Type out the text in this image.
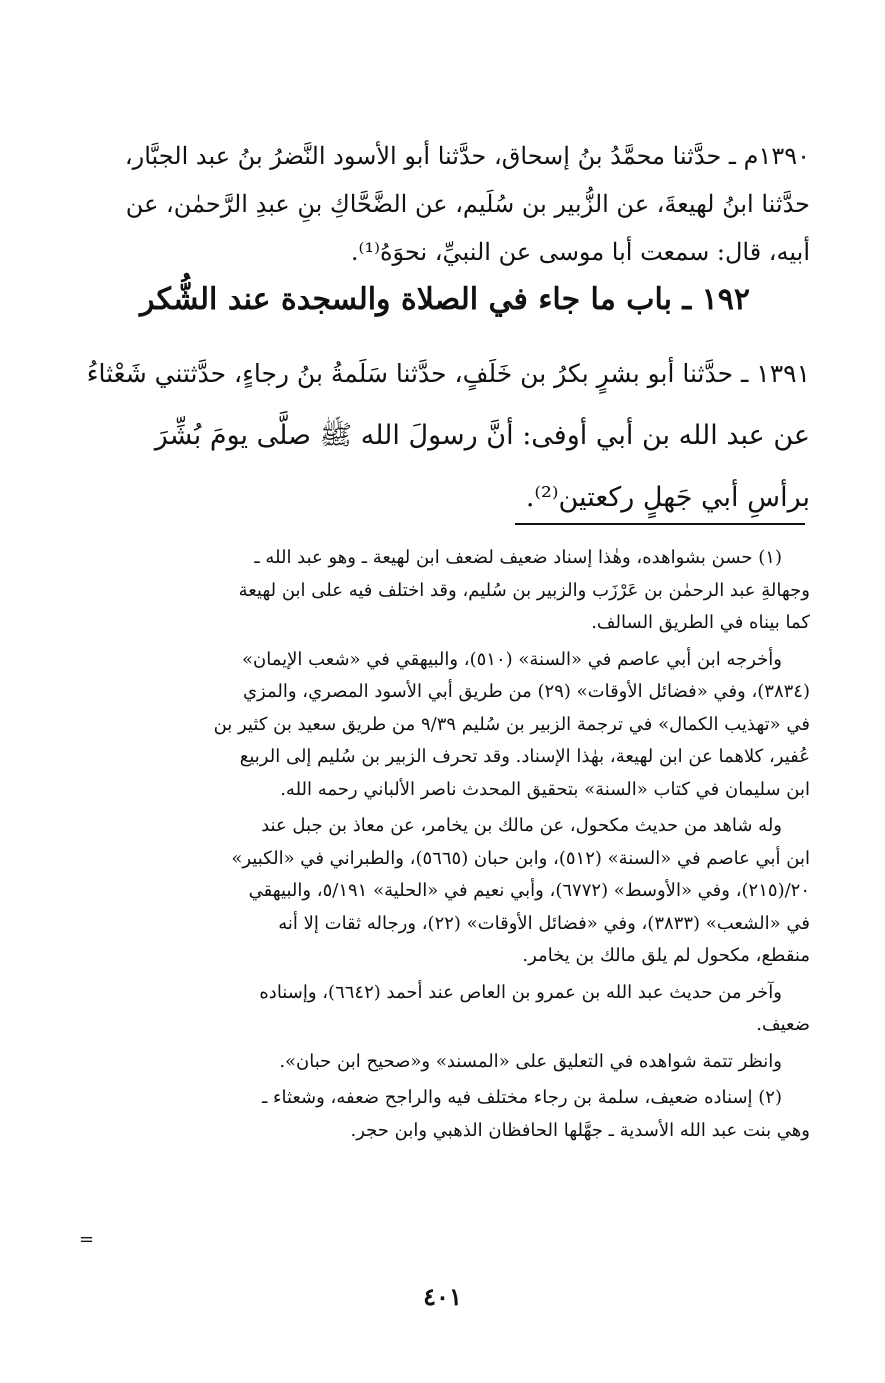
١٣٩٠م ـ حدَّثنا محمَّدُ بنُ إسحاق، حدَّثنا أبو الأسود النَّضرُ بنُ عبد الجبَّار،
حدَّثنا ابنُ لهيعةَ، عن الزُّبير بن سُلَيم، عن الضَّحَّاكِ بنِ عبدِ الرَّحمٰن، عن
أبيه، قال: سمعت أبا موسى عن النبيِّ، نحوَهُ⁽¹⁾.
١٩٢ ـ باب ما جاء في الصلاة والسجدة عند الشُّكر
١٣٩١ ـ حدَّثنا أبو بشرٍ بكرُ بن خَلَفٍ، حدَّثنا سَلَمةُ بنُ رجاءٍ، حدَّثتني شَعْثاءُ
عن عبد الله بن أبي أوفى: أنَّ رسولَ الله ﷺ صلَّى يومَ بُشِّرَ
برأسِ أبي جَهلٍ ركعتين⁽²⁾.
(١) حسن بشواهده، وهٰذا إسناد ضعيف لضعف ابن لهيعة ـ وهو عبد الله ـ
وجهالةِ عبد الرحمٰن بن عَرْزَب والزبير بن سُليم، وقد اختلف فيه على ابن لهيعة
كما بيناه في الطريق السالف.
وأخرجه ابن أبي عاصم في «السنة» (٥١٠)، والبيهقي في «شعب الإيمان»
(٣٨٣٤)، وفي «فضائل الأوقات» (٢٩) من طريق أبي الأسود المصري، والمزي
في «تهذيب الكمال» في ترجمة الزبير بن سُليم ٩/٣٩ من طريق سعيد بن كثير بن
عُفير، كلاهما عن ابن لهيعة، بهٰذا الإسناد. وقد تحرف الزبير بن سُليم إلى الربيع
ابن سليمان في كتاب «السنة» بتحقيق المحدث ناصر الألباني رحمه الله.
وله شاهد من حديث مكحول، عن مالك بن يخامر، عن معاذ بن جبل عند
ابن أبي عاصم في «السنة» (٥١٢)، وابن حبان (٥٦٦٥)، والطبراني في «الكبير»
٢٠/(٢١٥)، وفي «الأوسط» (٦٧٧٢)، وأبي نعيم في «الحلية» ٥/١٩١، والبيهقي
في «الشعب» (٣٨٣٣)، وفي «فضائل الأوقات» (٢٢)، ورجاله ثقات إلا أنه
منقطع، مكحول لم يلق مالك بن يخامر.
وآخر من حديث عبد الله بن عمرو بن العاص عند أحمد (٦٦٤٢)، وإسناده
ضعيف.
وانظر تتمة شواهده في التعليق على «المسند» و«صحيح ابن حبان».
(٢) إسناده ضعيف، سلمة بن رجاء مختلف فيه والراجح ضعفه، وشعثاء ـ
وهي بنت عبد الله الأسدية ـ جهَّلها الحافظان الذهبي وابن حجر.
=
٤٠١
